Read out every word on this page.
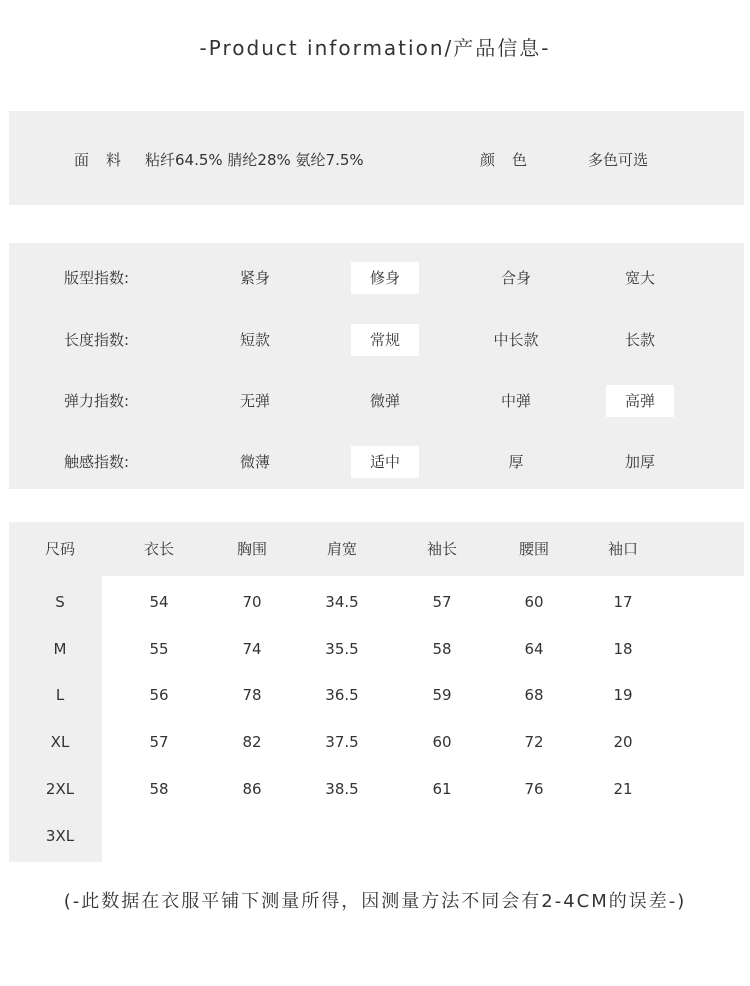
-Product information/产品信息-
面料 粘纤64.5% 腈纶28% 氨纶7.5%	颜色	多色可选
版型指数:	紧身	修身	合身	宽大
长度指数:	短款	常规	中长款	长款
弹力指数:	无弹	微弹	中弹	高弹
触感指数:	微薄	适中	厚	加厚
尺码	衣长	胸围	肩宽	袖长	腰围	袖口
S	54	70	34.5	57	60	17
M	55	74	35.5	58	64	18
L	56	78	36.5	59	68	19
XL	57	82	37.5	60	72	20
2XL	58	86	38.5	61	76	21
3XL
(-此数据在衣服平铺下测量所得，因测量方法不同会有2-4CM的误差-)
